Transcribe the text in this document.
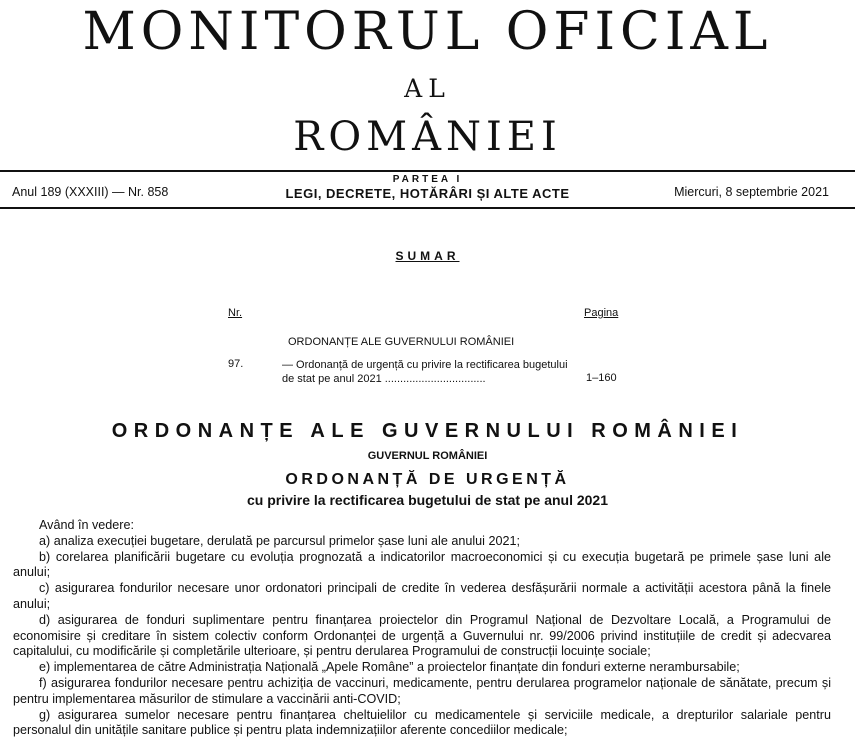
MONITORUL OFICIAL
AL
ROMÂNIEI
Anul 189 (XXXIII) — Nr. 858
PARTEA I
LEGI, DECRETE, HOTĂRÂRI ȘI ALTE ACTE	Miercuri, 8 septembrie 2021
SUMAR
Nr.	Pagina
ORDONANȚE ALE GUVERNULUI ROMÂNIEI
97.	— Ordonanță de urgență cu privire la rectificarea bugetului de stat pe anul 2021 .................................	1–160
ORDONANȚE ALE GUVERNULUI ROMÂNIEI
GUVERNUL ROMÂNIEI
ORDONANȚĂ DE URGENȚĂ
cu privire la rectificarea bugetului de stat pe anul 2021

Având în vedere:

a) analiza execuției bugetare, derulată pe parcursul primelor șase luni ale anului 2021;

b) corelarea planificării bugetare cu evoluția prognozată a indicatorilor macroeconomici și cu execuția bugetară pe primele șase luni ale anului;

c) asigurarea fondurilor necesare unor ordonatori principali de credite în vederea desfășurării normale a activității acestora până la finele anului;

d) asigurarea de fonduri suplimentare pentru finanțarea proiectelor din Programul Național de Dezvoltare Locală, a Programului de economisire și creditare în sistem colectiv conform Ordonanței de urgență a Guvernului nr. 99/2006 privind instituțiile de credit și adecvarea capitalului, cu modificările și completările ulterioare, și pentru derularea Programului de construcții locuințe sociale;

e) implementarea de către Administrația Națională „Apele Române” a proiectelor finanțate din fonduri externe nerambursabile;

f) asigurarea fondurilor necesare pentru achiziția de vaccinuri, medicamente, pentru derularea programelor naționale de sănătate, precum și pentru implementarea măsurilor de stimulare a vaccinării anti-COVID;

g) asigurarea sumelor necesare pentru finanțarea cheltuielilor cu medicamentele și serviciile medicale, a drepturilor salariale pentru personalul din unitățile sanitare publice și pentru plata indemnizațiilor aferente concediilor medicale;
